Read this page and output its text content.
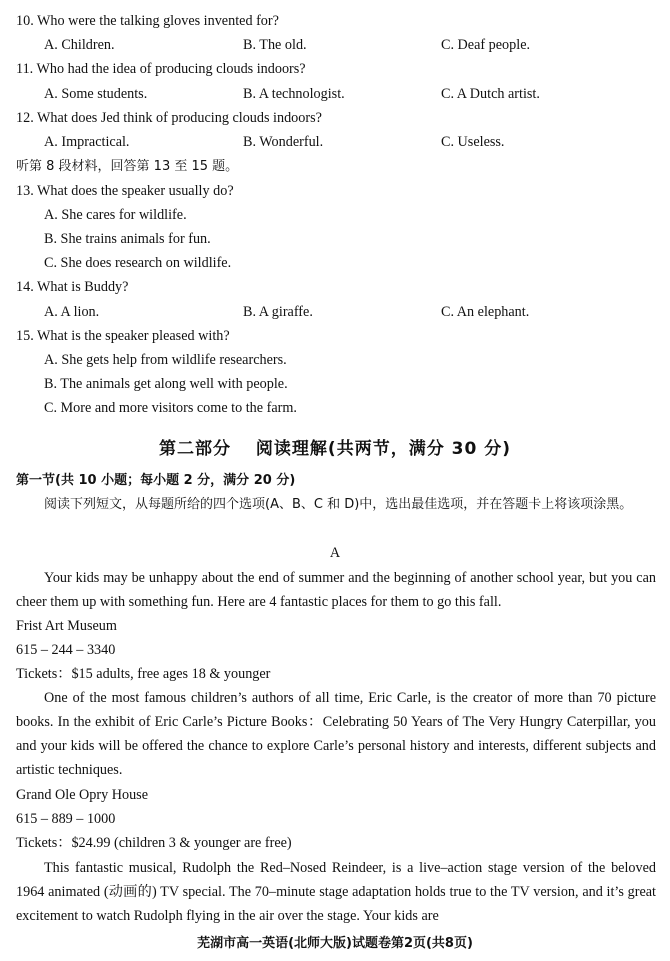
10. Who were the talking gloves invented for?
A. Children.	B. The old.	C. Deaf people.
11. Who had the idea of producing clouds indoors?
A. Some students.	B. A technologist.	C. A Dutch artist.
12. What does Jed think of producing clouds indoors?
A. Impractical.	B. Wonderful.	C. Useless.
听第 8 段材料，回答第 13 至 15 题。
13. What does the speaker usually do?
A. She cares for wildlife.
B. She trains animals for fun.
C. She does research on wildlife.
14. What is Buddy?
A. A lion.	B. A giraffe.	C. An elephant.
15. What is the speaker pleased with?
A. She gets help from wildlife researchers.
B. The animals get along well with people.
C. More and more visitors come to the farm.
第二部分　 阅读理解(共两节，满分 30 分)
第一节(共 10 小题；每小题 2 分，满分 20 分)
阅读下列短文，从每题所给的四个选项(A、B、C 和 D)中，选出最佳选项，并在答题卡上将该项涂黑。
A
Your kids may be unhappy about the end of summer and the beginning of another school year, but you can cheer them up with something fun. Here are 4 fantastic places for them to go this fall.
Frist Art Museum
615 – 244 – 3340
Tickets：$15 adults, free ages 18 & younger
One of the most famous children’s authors of all time, Eric Carle, is the creator of more than 70 picture books. In the exhibit of Eric Carle’s Picture Books：Celebrating 50 Years of The Very Hungry Caterpillar, you and your kids will be offered the chance to explore Carle’s personal history and interests, different subjects and artistic techniques.
Grand Ole Opry House
615 – 889 – 1000
Tickets：$24.99 (children 3 & younger are free)
This fantastic musical, Rudolph the Red–Nosed Reindeer, is a live–action stage version of the beloved 1964 animated (动画的) TV special. The 70–minute stage adaptation holds true to the TV version, and it’s great excitement to watch Rudolph flying in the air over the stage. Your kids are
芜湖市高一英语(北师大版)试题卷第2页(共8页)
